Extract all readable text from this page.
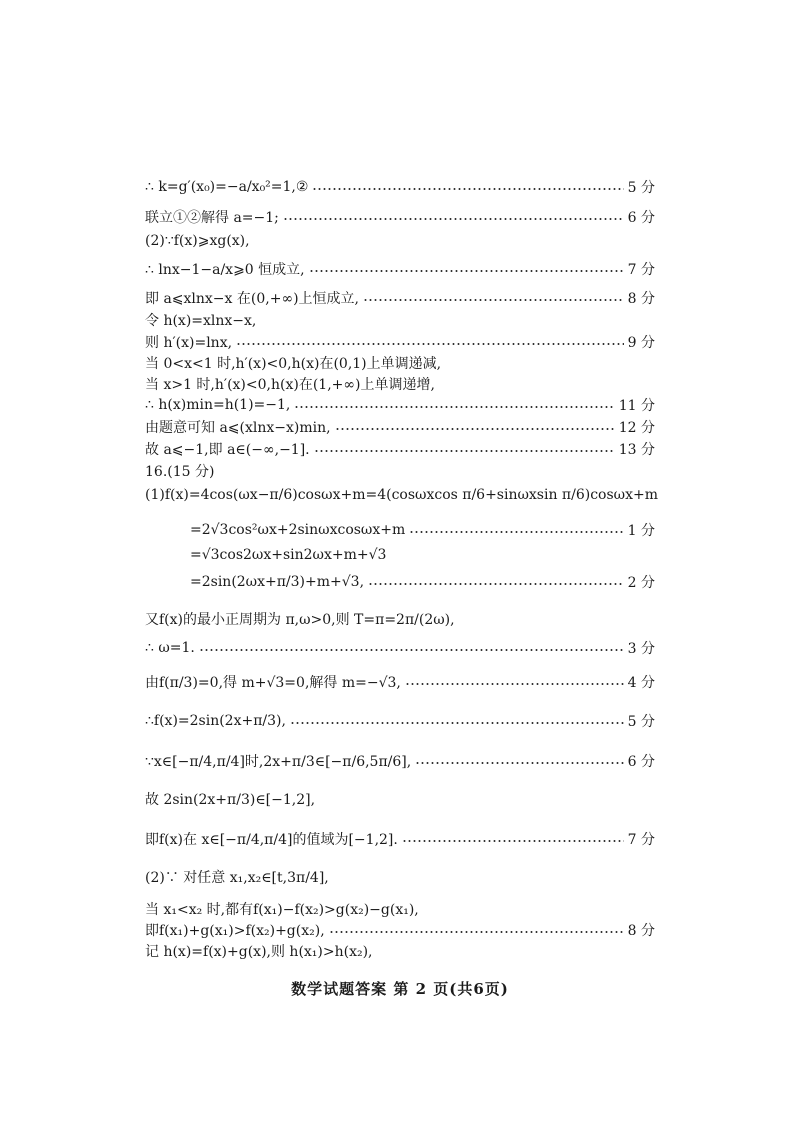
∴ k=g′(x₀)=−a/x₀²=1,②	5 分
联立①②解得 a=−1;	6 分
(2)∵f(x)⩾xg(x),
∴ lnx−1−a/x⩾0 恒成立,	7 分
即 a⩽xlnx−x 在(0,+∞)上恒成立,	8 分
令 h(x)=xlnx−x,
则 h′(x)=lnx,	9 分
当 0<x<1 时,h′(x)<0,h(x)在(0,1)上单调递减,
当 x>1 时,h′(x)<0,h(x)在(1,+∞)上单调递增,
∴ h(x)min=h(1)=−1,	11 分
由题意可知 a⩽(xlnx−x)min,	12 分
故 a⩽−1,即 a∈(−∞,−1].	13 分
16.(15 分)
(1)f(x)=4cos(ωx−π/6)cosωx+m=4(cosωxcos π/6+sinωxsin π/6)cosωx+m
=2√3cos²ωx+2sinωxcosωx+m	1 分
=√3cos2ωx+sin2ωx+m+√3
=2sin(2ωx+π/3)+m+√3,	2 分
又f(x)的最小正周期为 π,ω>0,则 T=π=2π/(2ω),
∴ ω=1.	3 分
由f(π/3)=0,得 m+√3=0,解得 m=−√3,	4 分
∴f(x)=2sin(2x+π/3),	5 分
∵x∈[−π/4,π/4]时,2x+π/3∈[−π/6,5π/6],	6 分
故 2sin(2x+π/3)∈[−1,2],
即f(x)在 x∈[−π/4,π/4]的值域为[−1,2].	7 分
(2)∵ 对任意 x₁,x₂∈[t,3π/4],
当 x₁<x₂ 时,都有f(x₁)−f(x₂)>g(x₂)−g(x₁),
即f(x₁)+g(x₁)>f(x₂)+g(x₂),	8 分
记 h(x)=f(x)+g(x),则 h(x₁)>h(x₂),
数学试题答案 第 2 页(共6页)
